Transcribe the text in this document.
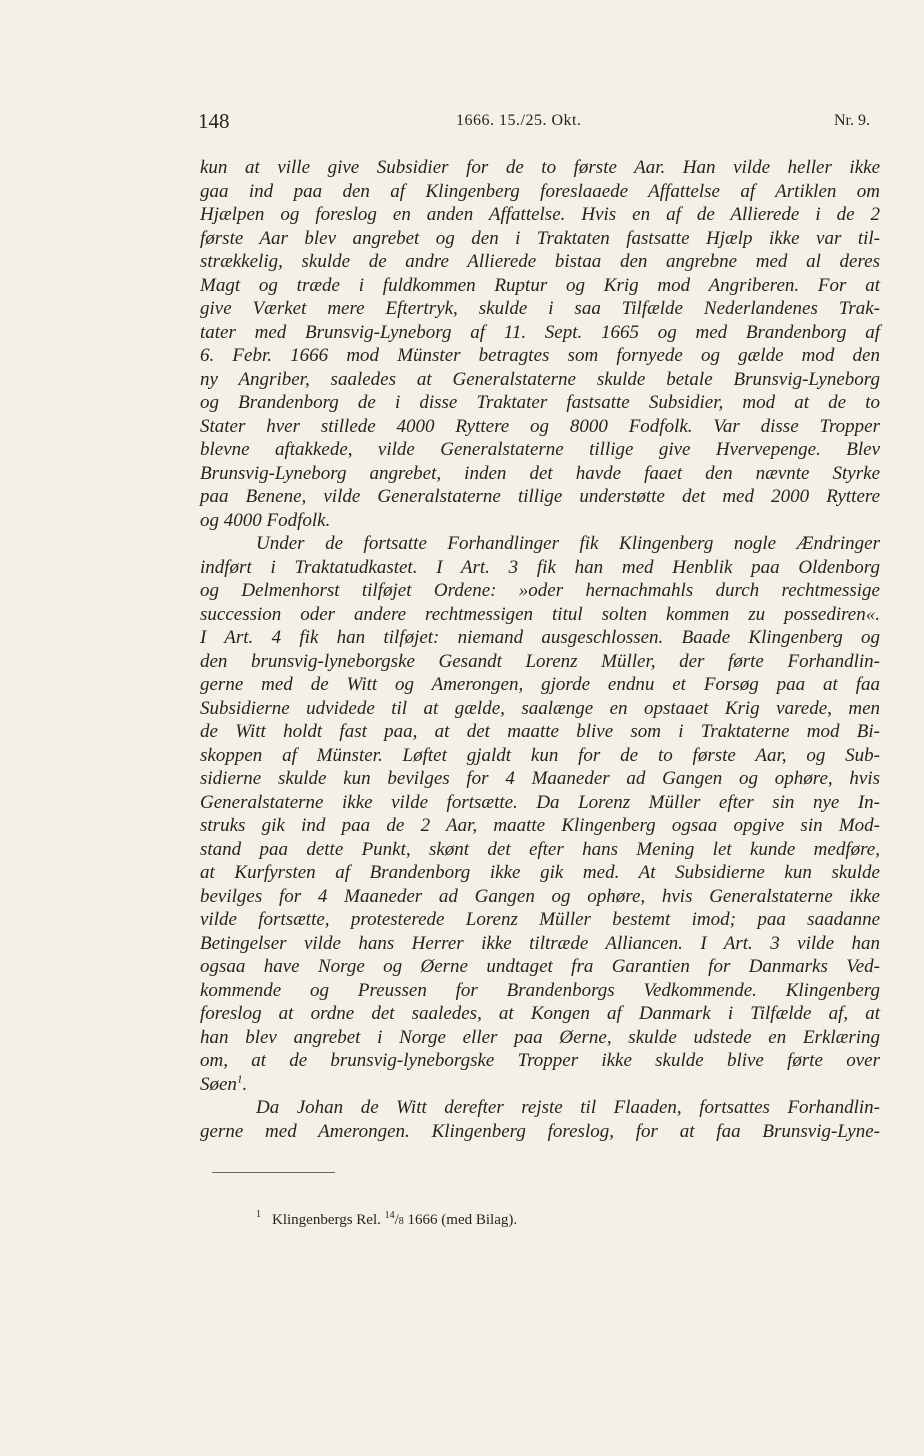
148	1666. 15./25. Okt.	Nr. 9.
kun at ville give Subsidier for de to første Aar. Han vilde heller ikke
gaa ind paa den af Klingenberg foreslaaede Affattelse af Artiklen om
Hjælpen og foreslog en anden Affattelse. Hvis en af de Allierede i de 2
første Aar blev angrebet og den i Traktaten fastsatte Hjælp ikke var til-
strækkelig, skulde de andre Allierede bistaa den angrebne med al deres
Magt og træde i fuldkommen Ruptur og Krig mod Angriberen. For at
give Værket mere Eftertryk, skulde i saa Tilfælde Nederlandenes Trak-
tater med Brunsvig-Lyneborg af 11. Sept. 1665 og med Brandenborg af
6. Febr. 1666 mod Münster betragtes som fornyede og gælde mod den
ny Angriber, saaledes at Generalstaterne skulde betale Brunsvig-Lyneborg
og Brandenborg de i disse Traktater fastsatte Subsidier, mod at de to
Stater hver stillede 4000 Ryttere og 8000 Fodfolk. Var disse Tropper
blevne aftakkede, vilde Generalstaterne tillige give Hvervepenge. Blev
Brunsvig-Lyneborg angrebet, inden det havde faaet den nævnte Styrke
paa Benene, vilde Generalstaterne tillige understøtte det med 2000 Ryttere
og 4000 Fodfolk.
Under de fortsatte Forhandlinger fik Klingenberg nogle Ændringer
indført i Traktatudkastet. I Art. 3 fik han med Henblik paa Oldenborg
og Delmenhorst tilføjet Ordene: »oder hernachmahls durch rechtmessige
succession oder andere rechtmessigen titul solten kommen zu possediren«.
I Art. 4 fik han tilføjet: niemand ausgeschlossen. Baade Klingenberg og
den brunsvig-lyneborgske Gesandt Lorenz Müller, der førte Forhandlin-
gerne med de Witt og Amerongen, gjorde endnu et Forsøg paa at faa
Subsidierne udvidede til at gælde, saalænge en opstaaet Krig varede, men
de Witt holdt fast paa, at det maatte blive som i Traktaterne mod Bi-
skoppen af Münster. Løftet gjaldt kun for de to første Aar, og Sub-
sidierne skulde kun bevilges for 4 Maaneder ad Gangen og ophøre, hvis
Generalstaterne ikke vilde fortsætte. Da Lorenz Müller efter sin nye In-
struks gik ind paa de 2 Aar, maatte Klingenberg ogsaa opgive sin Mod-
stand paa dette Punkt, skønt det efter hans Mening let kunde medføre,
at Kurfyrsten af Brandenborg ikke gik med. At Subsidierne kun skulde
bevilges for 4 Maaneder ad Gangen og ophøre, hvis Generalstaterne ikke
vilde fortsætte, protesterede Lorenz Müller bestemt imod; paa saadanne
Betingelser vilde hans Herrer ikke tiltræde Alliancen. I Art. 3 vilde han
ogsaa have Norge og Øerne undtaget fra Garantien for Danmarks Ved-
kommende og Preussen for Brandenborgs Vedkommende. Klingenberg
foreslog at ordne det saaledes, at Kongen af Danmark i Tilfælde af, at
han blev angrebet i Norge eller paa Øerne, skulde udstede en Erklæring
om, at de brunsvig-lyneborgske Tropper ikke skulde blive førte over
Søen$^1$.
Da Johan de Witt derefter rejste til Flaaden, fortsattes Forhandlin-
gerne med Amerongen. Klingenberg foreslog, for at faa Brunsvig-Lyne-
1 Klingenbergs Rel. $^{14}$/8 1666 (med Bilag).
